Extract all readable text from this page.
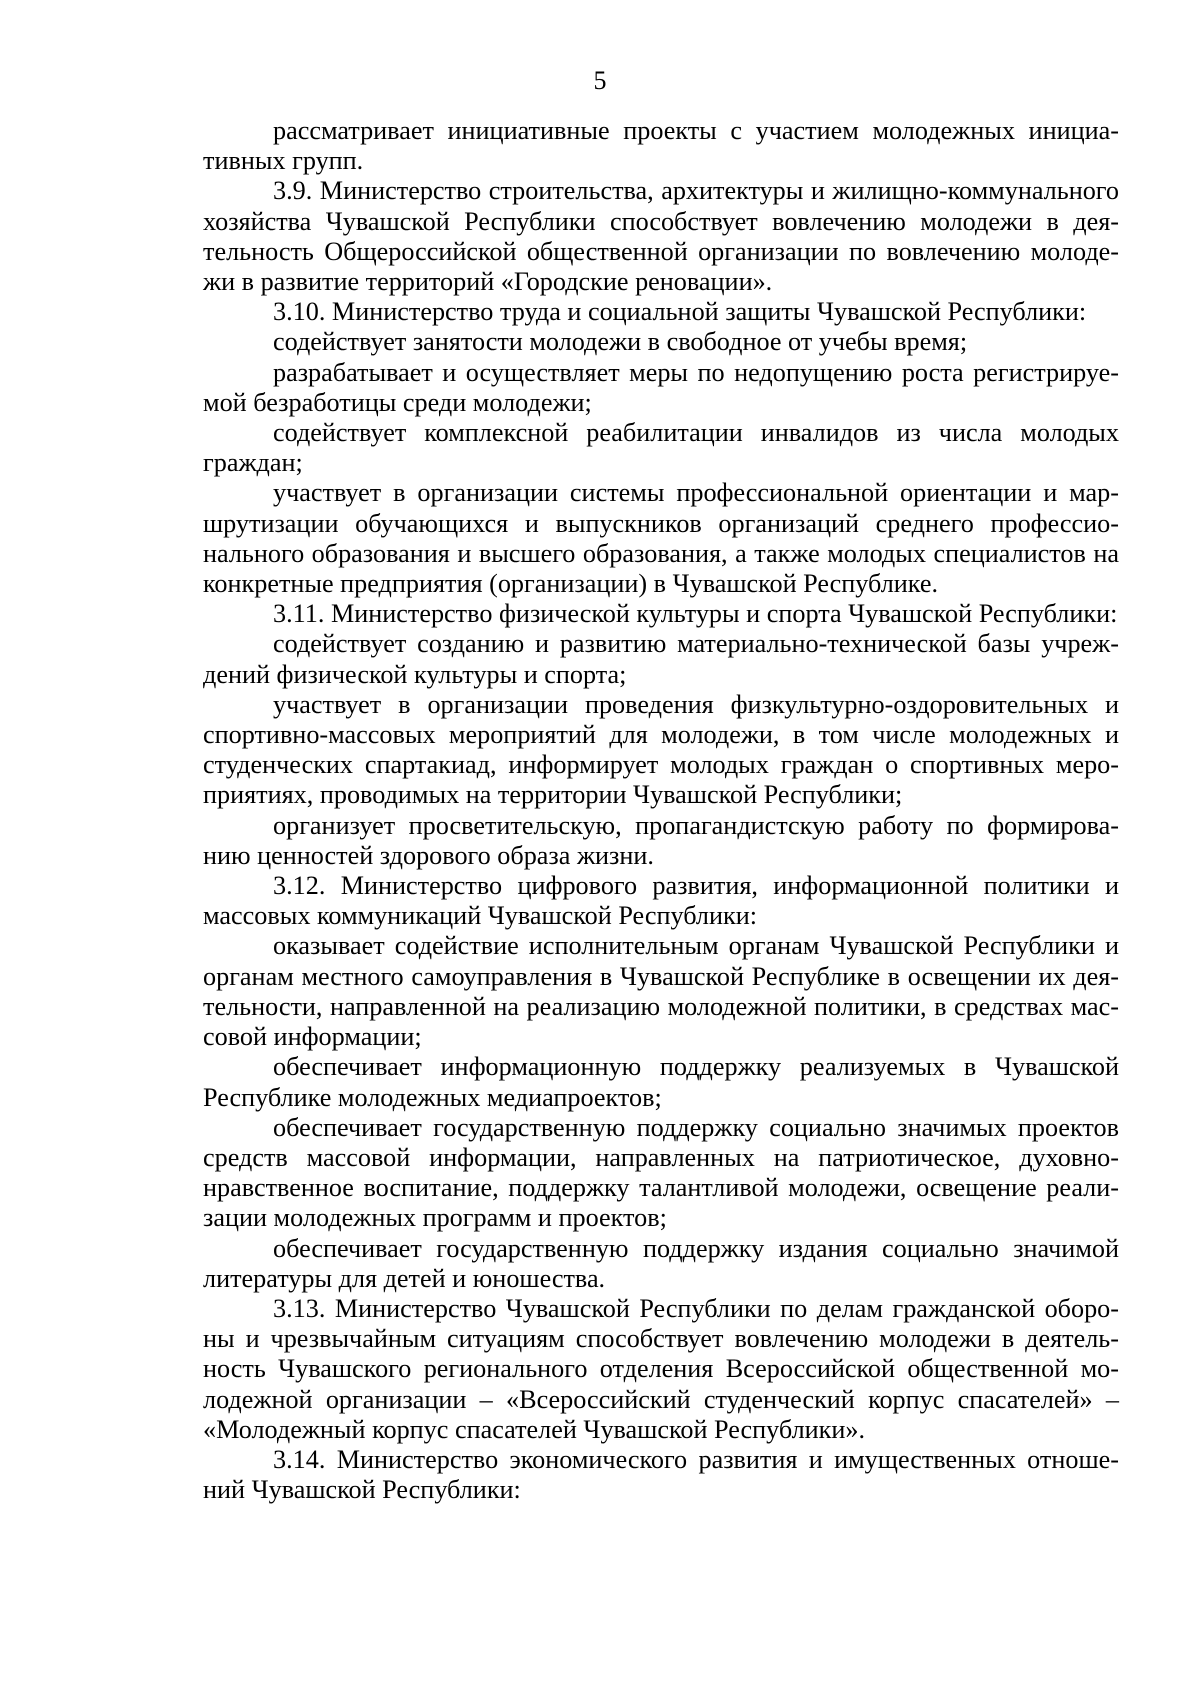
5

рассматривает инициативные проекты с участием молодежных инициативных групп.

3.9. Министерство строительства, архитектуры и жилищно-коммунального хозяйства Чувашской Республики способствует вовлечению молодежи в деятельность Общероссийской общественной организации по вовлечению молодежи в развитие территорий «Городские реновации».

3.10. Министерство труда и социальной защиты Чувашской Республики:

содействует занятости молодежи в свободное от учебы время;

разрабатывает и осуществляет меры по недопущению роста регистрируемой безработицы среди молодежи;

содействует комплексной реабилитации инвалидов из числа молодых граждан;

участвует в организации системы профессиональной ориентации и маршрутизации обучающихся и выпускников организаций среднего профессионального образования и высшего образования, а также молодых специалистов на конкретные предприятия (организации) в Чувашской Республике.

3.11. Министерство физической культуры и спорта Чувашской Республики:

содействует созданию и развитию материально-технической базы учреждений физической культуры и спорта;

участвует в организации проведения физкультурно-оздоровительных и спортивно-массовых мероприятий для молодежи, в том числе молодежных и студенческих спартакиад, информирует молодых граждан о спортивных мероприятиях, проводимых на территории Чувашской Республики;

организует просветительскую, пропагандистскую работу по формированию ценностей здорового образа жизни.

3.12. Министерство цифрового развития, информационной политики и массовых коммуникаций Чувашской Республики:

оказывает содействие исполнительным органам Чувашской Республики и органам местного самоуправления в Чувашской Республике в освещении их деятельности, направленной на реализацию молодежной политики, в средствах массовой информации;

обеспечивает информационную поддержку реализуемых в Чувашской Республике молодежных медиапроектов;

обеспечивает государственную поддержку социально значимых проектов средств массовой информации, направленных на патриотическое, духовно-нравственное воспитание, поддержку талантливой молодежи, освещение реализации молодежных программ и проектов;

обеспечивает государственную поддержку издания социально значимой литературы для детей и юношества.

3.13. Министерство Чувашской Республики по делам гражданской обороны и чрезвычайным ситуациям способствует вовлечению молодежи в деятельность Чувашского регионального отделения Всероссийской общественной молодежной организации – «Всероссийский студенческий корпус спасателей» – «Молодежный корпус спасателей Чувашской Республики».

3.14. Министерство экономического развития и имущественных отношений Чувашской Республики:
